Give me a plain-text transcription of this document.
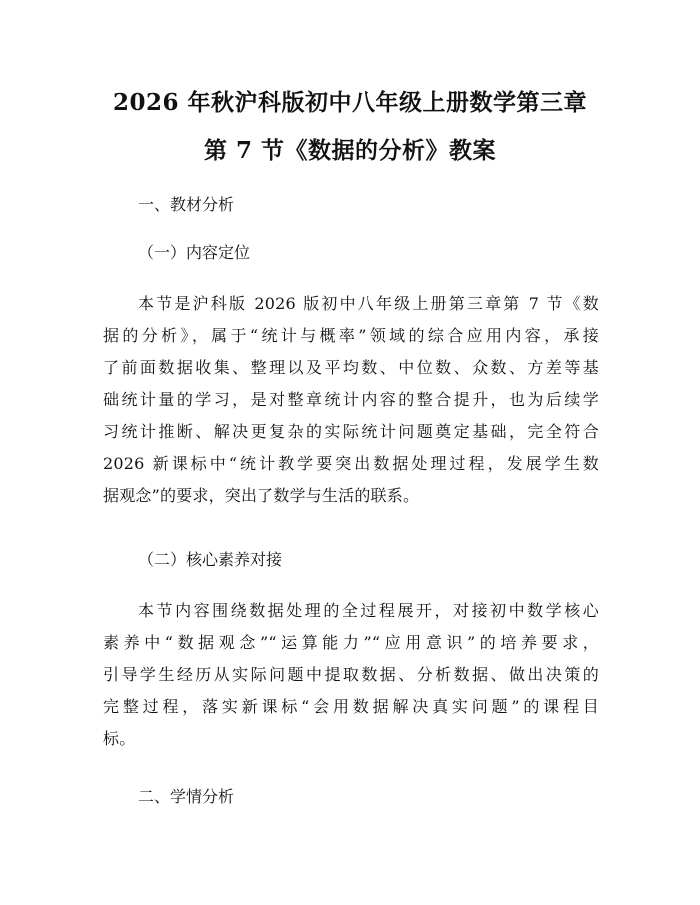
2026 年秋沪科版初中八年级上册数学第三章
第 7 节《数据的分析》教案

一、教材分析

（一）内容定位

本节是沪科版 2026 版初中八年级上册第三章第 7 节《数
据的分析》，属于“统计与概率”领域的综合应用内容，承接
了前面数据收集、整理以及平均数、中位数、众数、方差等基
础统计量的学习，是对整章统计内容的整合提升，也为后续学
习统计推断、解决更复杂的实际统计问题奠定基础，完全符合
2026 新课标中“统计教学要突出数据处理过程，发展学生数
据观念”的要求，突出了数学与生活的联系。

（二）核心素养对接

本节内容围绕数据处理的全过程展开，对接初中数学核心
素养中“数据观念”“运算能力”“应用意识”的培养要求，
引导学生经历从实际问题中提取数据、分析数据、做出决策的
完整过程，落实新课标“会用数据解决真实问题”的课程目
标。

二、学情分析
